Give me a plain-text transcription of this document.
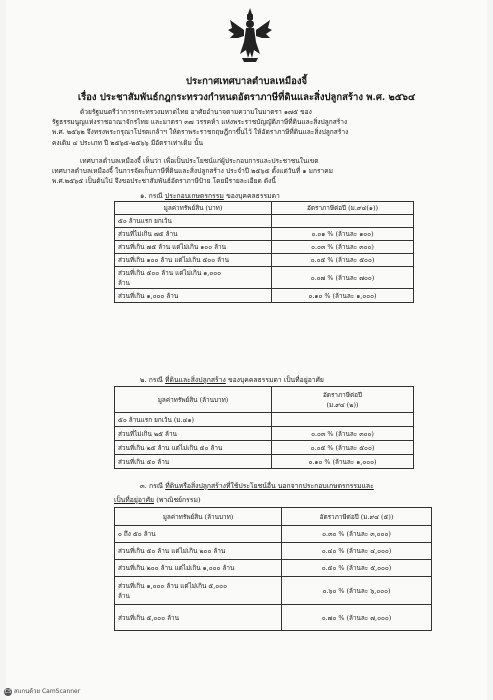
ประกาศเทศบาลตำบลเหมืองจี้
เรื่อง ประชาสัมพันธ์กฎกระทรวงกำหนดอัตราภาษีที่ดินและสิ่งปลูกสร้าง พ.ศ. ๒๕๖๔
ด้วยรัฐมนตรีว่าการกระทรวงมหาดไทย อาศัยอำนาจตามความในมาตรา ๑๗๕ ของ
รัฐธรรมนูญแห่งราชอาณาจักรไทย และมาตรา ๓๗ วรรคห้า แห่งพระราชบัญญัติภาษีที่ดินและสิ่งปลูกสร้าง
พ.ศ. ๒๕๖๒ จึงทรงพระกรุณาโปรดเกล้าฯ ให้ตราพระราชกฤษฎีกาขึ้นไว้ ให้อัตราภาษีที่ดินและสิ่งปลูกสร้าง
คงเดิม ๔ ประเภท ปี ๒๕๖๕-๒๕๖๖ มีอัตราเท่าเดิม นั้น
เทศบาลตำบลเหมืองจี้ เห็นว่า เพื่อเป็นประโยชน์แก่ผู้ประกอบการและประชาชนในเขต
เทศบาลตำบลเหมืองจี้ ในการจัดเก็บภาษีที่ดินและสิ่งปลูกสร้าง ประจำปี ๒๕๖๕ ตั้งแต่วันที่ ๑ มกราคม
พ.ศ.๒๕๖๕ เป็นต้นไป จึงขอประชาสัมพันธ์อัตราภาษีป้าย โดยมีรายละเอียด ดังนี้
๑. กรณี ประกอบเกษตรกรรม ของบุคคลธรรมดา
มูลค่าทรัพย์สิน (บาท)	อัตราภาษีต่อปี (ม.๙๔(๑))
๕๐ ล้านแรก ยกเว้น	
ส่วนที่ไม่เกิน ๗๕ ล้าน	๐.๐๑ % (ล้านละ ๑๐๐)
ส่วนที่เกิน ๗๕ ล้าน แต่ไม่เกิน ๑๐๐ ล้าน	๐.๐๓ % (ล้านละ ๓๐๐)
ส่วนที่เกิน ๑๐๐ ล้าน แต่ไม่เกิน ๕๐๐ ล้าน	๐.๐๕ % (ล้านละ ๕๐๐)
ส่วนที่เกิน ๕๐๐ ล้าน แต่ไม่เกิน ๑,๐๐๐
ล้าน	๐.๐๗ % (ล้านละ ๗๐๐)
ส่วนที่เกิน ๑,๐๐๐ ล้าน	๐.๑๐ % (ล้านละ ๑,๐๐๐)
๒. กรณี ที่ดินและสิ่งปลูกสร้าง ของบุคคลธรรมดา เป็นที่อยู่อาศัย
มูลค่าทรัพย์สิน (ล้านบาท)	อัตราภาษีต่อปี
(ม.๙๔ (๒))
๕๐ ล้านแรก ยกเว้น (ม.๔๑)	
ส่วนที่ไม่เกิน ๒๕ ล้าน	๐.๐๓ % (ล้านละ ๓๐๐)
ส่วนที่เกิน ๒๕ ล้าน แต่ไม่เกิน ๕๐ ล้าน	๐.๐๕ % (ล้านละ ๕๐๐)
ส่วนที่เกิน ๕๐ ล้าน	๐.๑๐ % (ล้านละ ๑,๐๐๐)
๓. กรณี ที่ดินหรือสิ่งปลูกสร้างที่ใช้ประโยชน์อื่น นอกจากประกอบเกษตรกรรมและ
เป็นที่อยู่อาศัย (พาณิชย์กรรม)
มูลค่าทรัพย์สิน (ล้านบาท)	อัตราภาษีต่อปี (ม.๙๔ (๕))
๐ ถึง ๕๐ ล้าน	๐.๓๐ % (ล้านละ ๓,๐๐๐)
ส่วนที่เกิน ๕๐ ล้าน แต่ไม่เกิน ๒๐๐ ล้าน	๐.๔๐ % (ล้านละ ๔,๐๐๐)
ส่วนที่เกิน ๒๐๐ ล้าน แต่ไม่เกิน ๑,๐๐๐ ล้าน	๐.๕๐ % (ล้านละ ๕,๐๐๐)
ส่วนที่เกิน ๑,๐๐๐ ล้าน แต่ไม่เกิน ๕,๐๐๐
ล้าน	๐.๖๐ % (ล้านละ ๖,๐๐๐)
ส่วนที่เกิน ๕,๐๐๐ ล้าน	๐.๗๐ % (ล้านละ ๗,๐๐๐)
CS สแกนด้วย CamScanner
